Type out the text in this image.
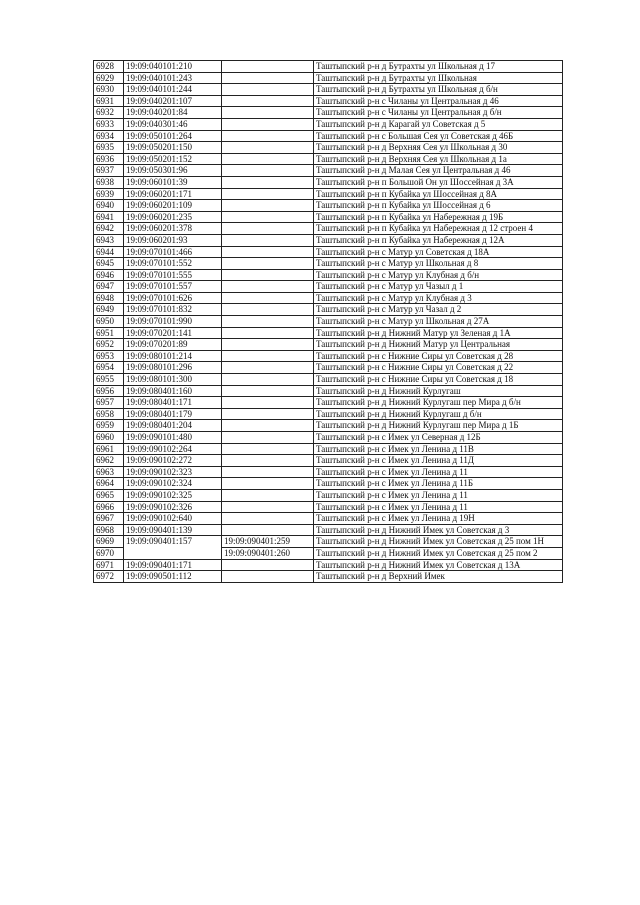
6928	19:09:040101:210		Таштыпский р-н д Бутрахты ул Школьная д 17
6929	19:09:040101:243		Таштыпский р-н д Бутрахты ул Школьная
6930	19:09:040101:244		Таштыпский р-н д Бутрахты ул Школьная д б/н
6931	19:09:040201:107		Таштыпский р-н с Чиланы ул Центральная д 46
6932	19:09:040201:84		Таштыпский р-н с Чиланы ул Центральная д б/н
6933	19:09:040301:46		Таштыпский р-н д Карагай ул Советская д 5
6934	19:09:050101:264		Таштыпский р-н с Большая Сея ул Советская д 46Б
6935	19:09:050201:150		Таштыпский р-н д Верхняя Сея ул Школьная д 30
6936	19:09:050201:152		Таштыпский р-н д Верхняя Сея ул Школьная д 1а
6937	19:09:050301:96		Таштыпский р-н д Малая Сея ул Центральная д 46
6938	19:09:060101:39		Таштыпский р-н п Большой Он ул Шоссейная д 3А
6939	19:09:060201:171		Таштыпский р-н п Кубайка ул Шоссейная д 8А
6940	19:09:060201:109		Таштыпский р-н п Кубайка ул Шоссейная д 6
6941	19:09:060201:235		Таштыпский р-н п Кубайка ул Набережная д 19Б
6942	19:09:060201:378		Таштыпский р-н п Кубайка ул Набережная д 12 строен 4
6943	19:09:060201:93		Таштыпский р-н п Кубайка ул Набережная д 12А
6944	19:09:070101:466		Таштыпский р-н с Матур ул Советская д 18А
6945	19:09:070101:552		Таштыпский р-н с Матур ул Школьная д 8
6946	19:09:070101:555		Таштыпский р-н с Матур ул Клубная д б/н
6947	19:09:070101:557		Таштыпский р-н с Матур ул Чазыл д 1
6948	19:09:070101:626		Таштыпский р-н с Матур ул Клубная д 3
6949	19:09:070101:832		Таштыпский р-н с Матур ул Чазал д 2
6950	19:09:070101:990		Таштыпский р-н с Матур ул Школьная д 27А
6951	19:09:070201:141		Таштыпский р-н д Нижний Матур ул Зеленая д 1А
6952	19:09:070201:89		Таштыпский р-н д Нижний Матур ул Центральная
6953	19:09:080101:214		Таштыпский р-н с Нижние Сиры ул Советская д 28
6954	19:09:080101:296		Таштыпский р-н с Нижние Сиры ул Советская д 22
6955	19:09:080101:300		Таштыпский р-н с Нижние Сиры ул Советская д 18
6956	19:09:080401:160		Таштыпский р-н д Нижний Курлугаш
6957	19:09:080401:171		Таштыпский р-н д Нижний Курлугаш пер Мира д б/н
6958	19:09:080401:179		Таштыпский р-н д Нижний Курлугаш д б/н
6959	19:09:080401:204		Таштыпский р-н д Нижний Курлугаш пер Мира д 1Б
6960	19:09:090101:480		Таштыпский р-н с Имек ул Северная д 12Б
6961	19:09:090102:264		Таштыпский р-н с Имек ул Ленина д 11В
6962	19:09:090102:272		Таштыпский р-н с Имек ул Ленина д 11Д
6963	19:09:090102:323		Таштыпский р-н с Имек ул Ленина д 11
6964	19:09:090102:324		Таштыпский р-н с Имек ул Ленина д 11Б
6965	19:09:090102:325		Таштыпский р-н с Имек ул Ленина д 11
6966	19:09:090102:326		Таштыпский р-н с Имек ул Ленина д 11
6967	19:09:090102:640		Таштыпский р-н с Имек ул Ленина д 19Н
6968	19:09:090401:139		Таштыпский р-н д Нижний Имек ул Советская д 3
6969	19:09:090401:157	19:09:090401:259	Таштыпский р-н д Нижний Имек ул Советская д 25 пом 1Н
6970		19:09:090401:260	Таштыпский р-н д Нижний Имек ул Советская д 25 пом 2
6971	19:09:090401:171		Таштыпский р-н д Нижний Имек ул Советская д 13А
6972	19:09:090501:112		Таштыпский р-н д Верхний Имек
